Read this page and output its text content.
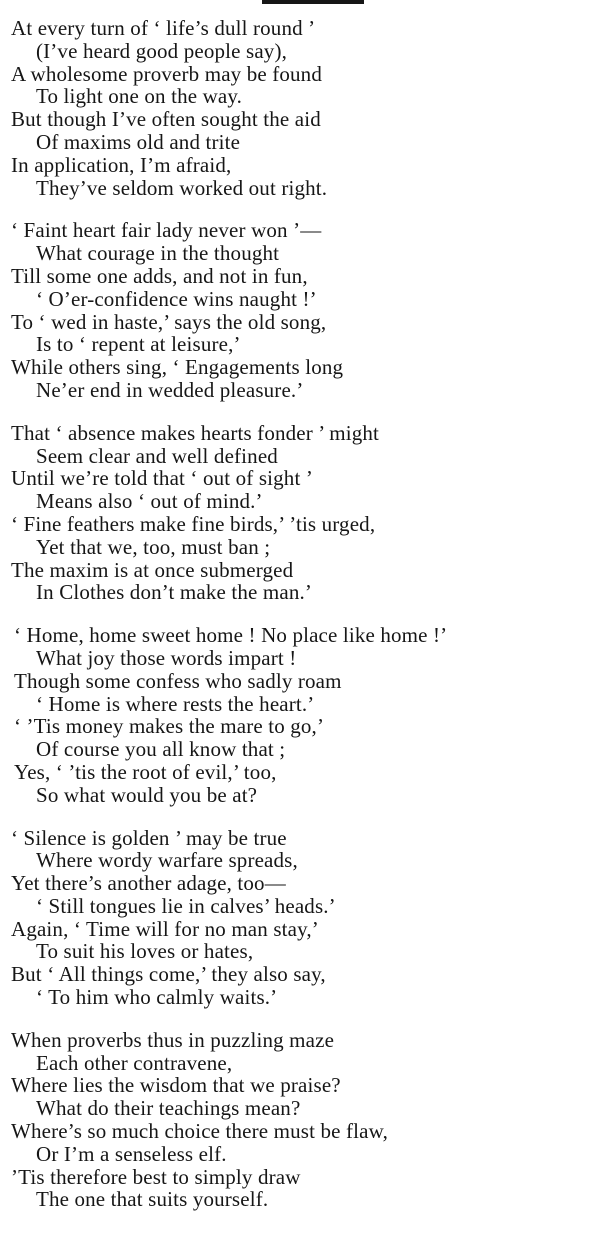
At every turn of ‘ life’s dull round ’
(I’ve heard good people say),
A wholesome proverb may be found
To light one on the way.
But though I’ve often sought the aid
Of maxims old and trite
In application, I’m afraid,
They’ve seldom worked out right.
‘ Faint heart fair lady never won ’—
What courage in the thought
Till some one adds, and not in fun,
‘ O’er-confidence wins naught !’
To ‘ wed in haste,’ says the old song,
Is to ‘ repent at leisure,’
While others sing, ‘ Engagements long
Ne’er end in wedded pleasure.’
That ‘ absence makes hearts fonder ’ might
Seem clear and well defined
Until we’re told that ‘ out of sight ’
Means also ‘ out of mind.’
‘ Fine feathers make fine birds,’ ’tis urged,
Yet that we, too, must ban ;
The maxim is at once submerged
In Clothes don’t make the man.’
‘ Home, home sweet home ! No place like home !’
What joy those words impart !
Though some confess who sadly roam
‘ Home is where rests the heart.’
‘ ’Tis money makes the mare to go,’
Of course you all know that ;
Yes, ‘ ’tis the root of evil,’ too,
So what would you be at?
‘ Silence is golden ’ may be true
Where wordy warfare spreads,
Yet there’s another adage, too—
‘ Still tongues lie in calves’ heads.’
Again, ‘ Time will for no man stay,’
To suit his loves or hates,
But ‘ All things come,’ they also say,
‘ To him who calmly waits.’
When proverbs thus in puzzling maze
Each other contravene,
Where lies the wisdom that we praise?
What do their teachings mean?
Where’s so much choice there must be flaw,
Or I’m a senseless elf.
’Tis therefore best to simply draw
The one that suits yourself.
